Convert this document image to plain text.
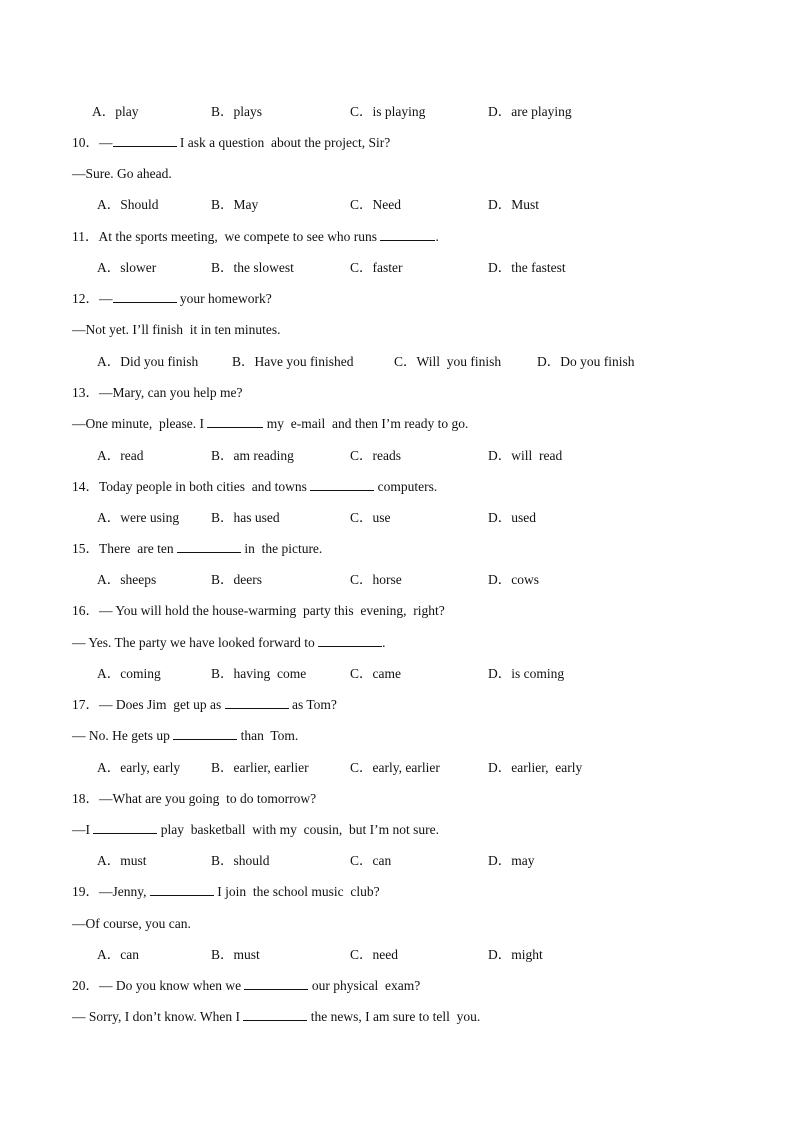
A．play	B．plays	C．is playing	D．are playing
10．—	I ask a question  about the project, Sir?
—Sure. Go ahead.
A．Should	B．May	C．Need	D．Must
11．At the sports meeting,  we compete to see who runs	.
A．slower	B．the slowest	C．faster	D．the fastest
12．—	your homework?
—Not yet. I’ll finish  it in ten minutes.
A．Did you finish	B．Have you finished	C．Will  you finish	D．Do you finish
13．—Mary, can you help me?
—One minute,  please. I	my  e-mail  and then I’m ready to go.
A．read	B．am reading	C．reads	D．will  read
14．Today people in both cities  and towns	computers.
A．were using B．has used	C．use	D．used
15．There  are ten	in  the picture.
A．sheeps	B．deers	C．horse	D．cows
16．— You will hold the house-warming  party this  evening,  right?
— Yes. The party we have looked forward to	.
A．coming	B．having  come	C．came	D．is coming
17．— Does Jim  get up as	as Tom?
— No. He gets up	than  Tom.
A．early, early B．earlier, earlier	C．early, earlier	D．earlier,  early
18．—What are you going  to do tomorrow?
—I	play  basketball  with my  cousin,  but I’m not sure.
A．must	B．should	C．can	D．may
19．—Jenny,	I join  the school music  club?
—Of course, you can.
A．can	B．must	C．need	D．might
20．— Do you know when we	our physical  exam?
— Sorry, I don’t know. When I	the news, I am sure to tell  you.
